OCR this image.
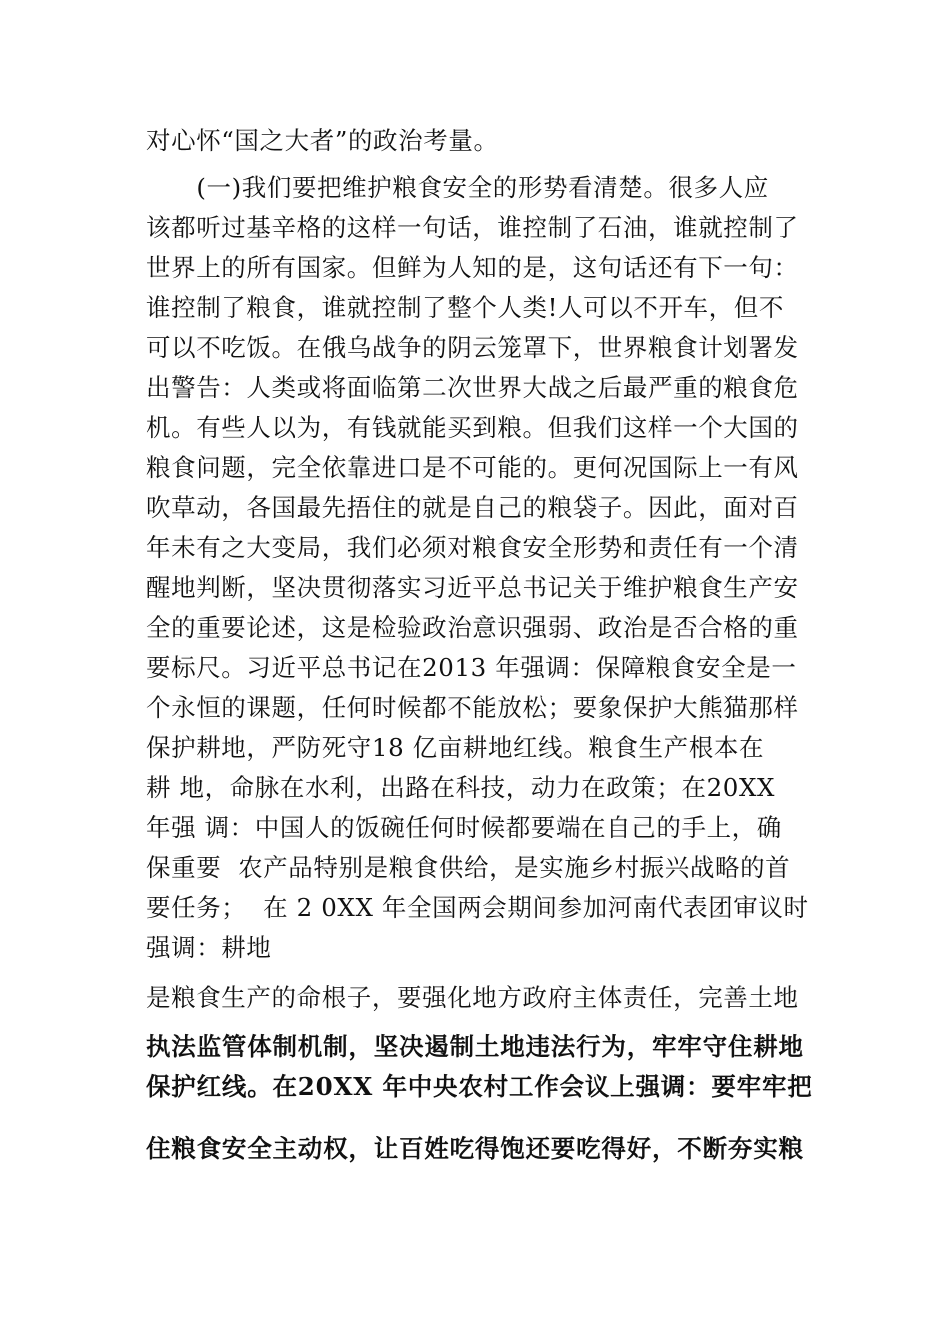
对心怀“国之大者”的政治考量。
(一)我们要把维护粮食安全的形势看清楚。很多人应
该都听过基辛格的这样一句话，谁控制了石油，谁就控制了
世界上的所有国家。但鲜为人知的是，这句话还有下一句：
谁控制了粮食，谁就控制了整个人类!人可以不开车，但不
可以不吃饭。在俄乌战争的阴云笼罩下，世界粮食计划署发
出警告：人类或将面临第二次世界大战之后最严重的粮食危
机。有些人以为，有钱就能买到粮。但我们这样一个大国的
粮食问题，完全依靠进口是不可能的。更何况国际上一有风
吹草动，各国最先捂住的就是自己的粮袋子。因此，面对百
年未有之大变局，我们必须对粮食安全形势和责任有一个清
醒地判断，坚决贯彻落实习近平总书记关于维护粮食生产安
全的重要论述，这是检验政治意识强弱、政治是否合格的重
要标尺。习近平总书记在2013 年强调：保障粮食安全是一
个永恒的课题，任何时候都不能放松；要象保护大熊猫那样
保护耕地，严防死守18 亿亩耕地红线。粮食生产根本在
耕 地，命脉在水利，出路在科技，动力在政策；在20XX
年强 调：中国人的饭碗任何时候都要端在自己的手上，确
保重要  农产品特别是粮食供给，是实施乡村振兴战略的首
要任务；  在 2 0XX 年全国两会期间参加河南代表团审议时
强调：耕地
是粮食生产的命根子，要强化地方政府主体责任，完善土地
执法监管体制机制，坚决遏制土地违法行为，牢牢守住耕地
保护红线。在20XX 年中央农村工作会议上强调：要牢牢把
住粮食安全主动权，让百姓吃得饱还要吃得好，不断夯实粮
